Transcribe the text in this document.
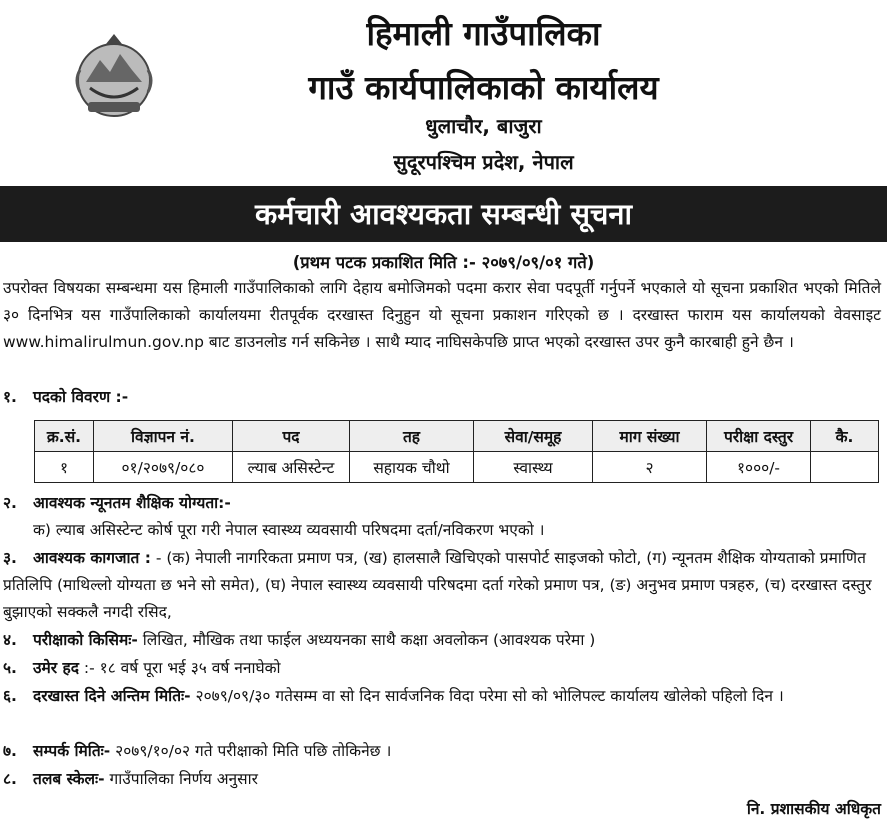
हिमाली गाउँपालिका
गाउँ कार्यपालिकाको कार्यालय
धुलाचौर, बाजुरा
सुदूरपश्चिम प्रदेश, नेपाल
कर्मचारी आवश्यकता सम्बन्धी सूचना
(प्रथम पटक प्रकाशित मिति :- २०७९/०९/०१ गते)
उपरोक्त विषयका सम्बन्धमा यस हिमाली गाउँपालिकाको लागि देहाय बमोजिमको पदमा करार सेवा पदपूर्ती गर्नुपर्ने भएकाले यो सूचना प्रकाशित भएको मितिले ३० दिनभित्र यस गाउँपालिकाको कार्यालयमा रीतपूर्वक दरखास्त दिनुहुन यो सूचना प्रकाशन गरिएको छ । दरखास्त फाराम यस कार्यालयको वेवसाइट www.himalirulmun.gov.np बाट डाउनलोड गर्न सकिनेछ । साथै म्याद नाघिसकेपछि प्राप्त भएको दरखास्त उपर कुनै कारबाही हुने छैन ।
१. पदको विवरण :-
क्र.सं.	विज्ञापन नं.	पद	तह	सेवा/समूह	माग संख्या	परीक्षा दस्तुर	कै.
१	०१/२०७९/०८०	ल्याब असिस्टेन्ट	सहायक चौथो	स्वास्थ्य	२	१०००/-	
२. आवश्यक न्यूनतम शैक्षिक योग्यता:-
क) ल्याब असिस्टेन्ट कोर्ष पूरा गरी नेपाल स्वास्थ्य व्यवसायी परिषदमा दर्ता/नविकरण भएको ।
३. आवश्यक कागजात : - (क) नेपाली नागरिकता प्रमाण पत्र, (ख) हालसालै खिचिएको पासपोर्ट साइजको फोटो, (ग) न्यूनतम शैक्षिक योग्यताको प्रमाणित प्रतिलिपि (माथिल्लो योग्यता छ भने सो समेत), (घ) नेपाल स्वास्थ्य व्यवसायी परिषदमा दर्ता गरेको प्रमाण पत्र, (ङ) अनुभव प्रमाण पत्रहरु, (च) दरखास्त दस्तुर बुझाएको सक्कलै नगदी रसिद,
४. परीक्षाको किसिमः- लिखित, मौखिक तथा फाईल अध्ययनका साथै कक्षा अवलोकन (आवश्यक परेमा )
५. उमेर हद :- १८ वर्ष पूरा भई ३५ वर्ष ननाघेको
६. दरखास्त दिने अन्तिम मितिः- २०७९/०९/३० गतेसम्म वा सो दिन सार्वजनिक विदा परेमा सो को भोलिपल्ट कार्यालय खोलेको पहिलो दिन ।
७. सम्पर्क मितिः- २०७९/१०/०२ गते परीक्षाको मिति पछि तोकिनेछ ।
८. तलब स्केलः- गाउँपालिका निर्णय अनुसार
नि. प्रशासकीय अधिकृत
